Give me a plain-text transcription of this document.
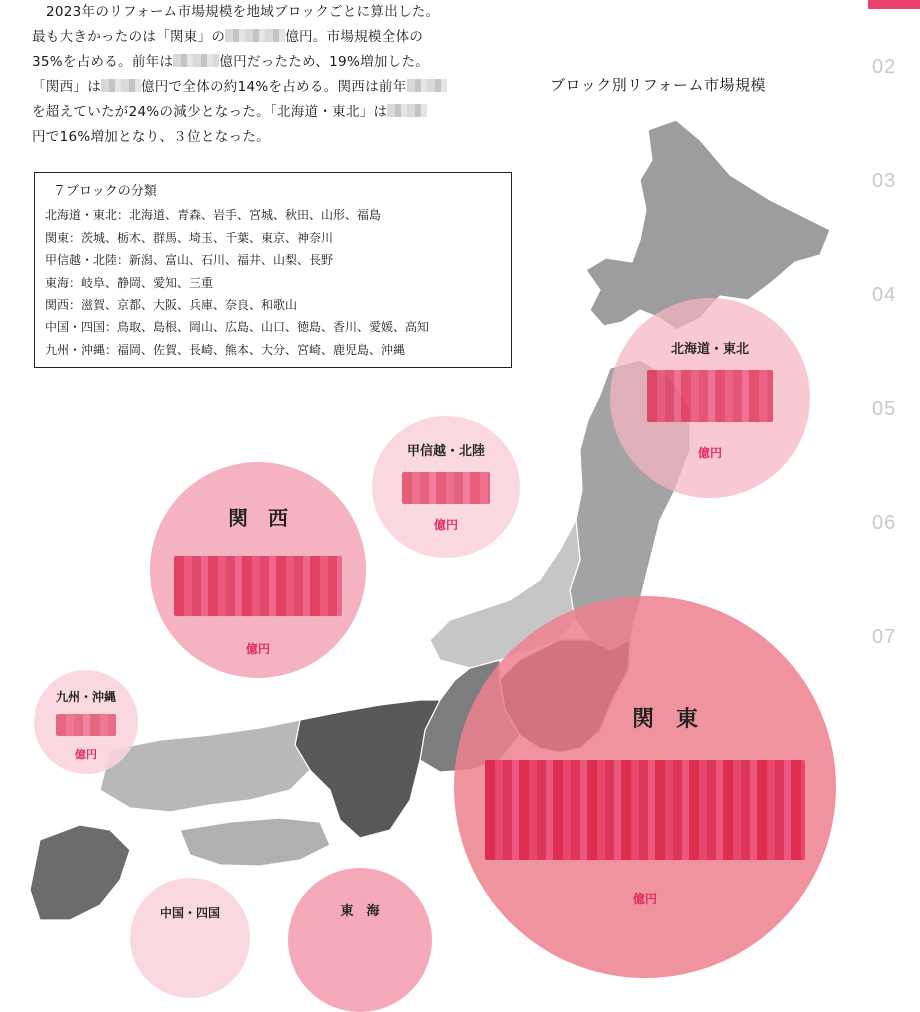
2023年のリフォーム市場規模を地域ブロックごとに算出した。

最も大きかったのは「関東」の	億円。市場規模全体の

35%を占める。前年は	億円だったため、19%増加した。

「関西」は	億円で全体の約14%を占める。関西は前年

を超えていたが24%の減少となった。「北海道・東北」は

円で16%増加となり、３位となった。

７ブロックの分類
北海道・東北：北海道、青森、岩手、宮城、秋田、山形、福島
関東：茨城、栃木、群馬、埼玉、千葉、東京、神奈川
甲信越・北陸：新潟、富山、石川、福井、山梨、長野
東海：岐阜、静岡、愛知、三重
関西：滋賀、京都、大阪、兵庫、奈良、和歌山
中国・四国：鳥取、島根、岡山、広島、山口、徳島、香川、愛媛、高知
九州・沖縄：福岡、佐賀、長崎、熊本、大分、宮崎、鹿児島、沖縄
ブロック別リフォーム市場規模
02
03
04
05
06
07
北海道・東北
億円
甲信越・北陸
億円
関　西
億円
関　東
億円
九州・沖縄
億円
東　海
中国・四国
